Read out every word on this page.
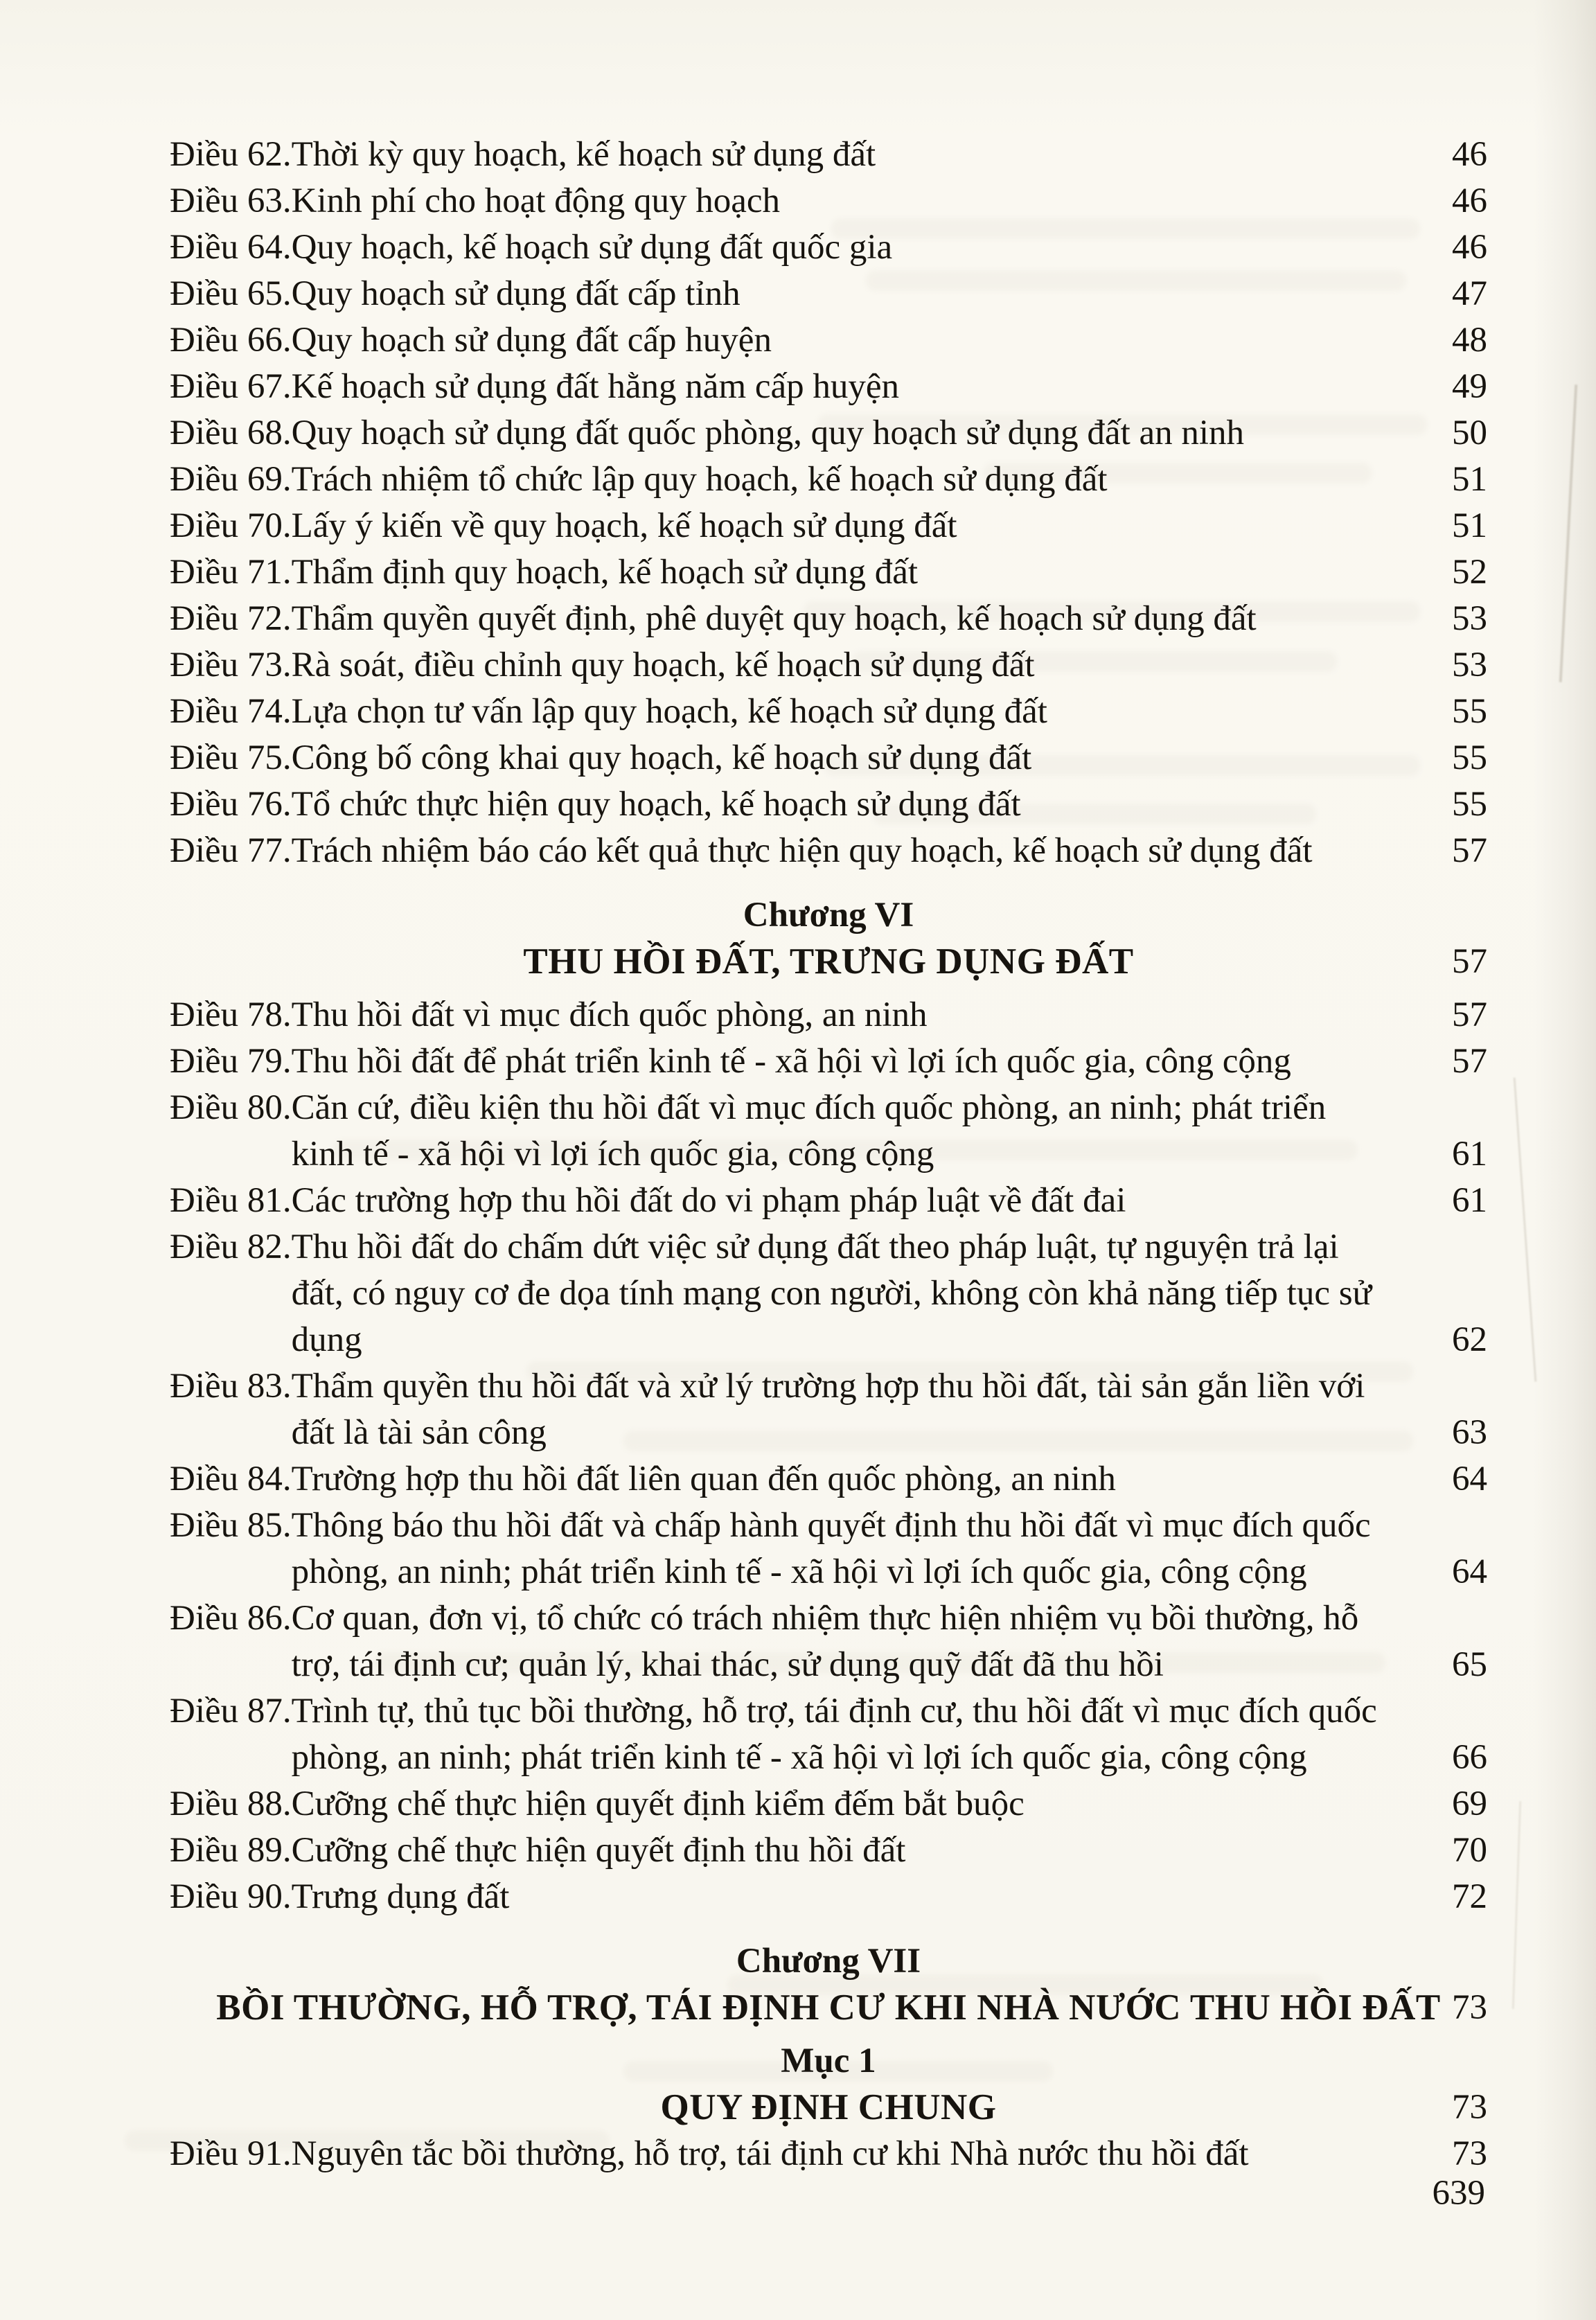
Điều 62. Thời kỳ quy hoạch, kế hoạch sử dụng đất	46
Điều 63. Kinh phí cho hoạt động quy hoạch	46
Điều 64. Quy hoạch, kế hoạch sử dụng đất quốc gia	46
Điều 65. Quy hoạch sử dụng đất cấp tỉnh	47
Điều 66. Quy hoạch sử dụng đất cấp huyện	48
Điều 67. Kế hoạch sử dụng đất hằng năm cấp huyện	49
Điều 68. Quy hoạch sử dụng đất quốc phòng, quy hoạch sử dụng đất an ninh	50
Điều 69. Trách nhiệm tổ chức lập quy hoạch, kế hoạch sử dụng đất	51
Điều 70. Lấy ý kiến về quy hoạch, kế hoạch sử dụng đất	51
Điều 71. Thẩm định quy hoạch, kế hoạch sử dụng đất	52
Điều 72. Thẩm quyền quyết định, phê duyệt quy hoạch, kế hoạch sử dụng đất	53
Điều 73. Rà soát, điều chỉnh quy hoạch, kế hoạch sử dụng đất	53
Điều 74. Lựa chọn tư vấn lập quy hoạch, kế hoạch sử dụng đất	55
Điều 75. Công bố công khai quy hoạch, kế hoạch sử dụng đất	55
Điều 76. Tổ chức thực hiện quy hoạch, kế hoạch sử dụng đất	55
Điều 77. Trách nhiệm báo cáo kết quả thực hiện quy hoạch, kế hoạch sử dụng đất	57
Chương VI
THU HỒI ĐẤT, TRƯNG DỤNG ĐẤT	57
Điều 78. Thu hồi đất vì mục đích quốc phòng, an ninh	57
Điều 79. Thu hồi đất để phát triển kinh tế - xã hội vì lợi ích quốc gia, công cộng	57
Điều 80. Căn cứ, điều kiện thu hồi đất vì mục đích quốc phòng, an ninh; phát triển kinh tế - xã hội vì lợi ích quốc gia, công cộng	61
Điều 81. Các trường hợp thu hồi đất do vi phạm pháp luật về đất đai	61
Điều 82. Thu hồi đất do chấm dứt việc sử dụng đất theo pháp luật, tự nguyện trả lại đất, có nguy cơ đe dọa tính mạng con người, không còn khả năng tiếp tục sử dụng	62
Điều 83. Thẩm quyền thu hồi đất và xử lý trường hợp thu hồi đất, tài sản gắn liền với đất là tài sản công	63
Điều 84. Trường hợp thu hồi đất liên quan đến quốc phòng, an ninh	64
Điều 85. Thông báo thu hồi đất và chấp hành quyết định thu hồi đất vì mục đích quốc phòng, an ninh; phát triển kinh tế - xã hội vì lợi ích quốc gia, công cộng	64
Điều 86. Cơ quan, đơn vị, tổ chức có trách nhiệm thực hiện nhiệm vụ bồi thường, hỗ trợ, tái định cư; quản lý, khai thác, sử dụng quỹ đất đã thu hồi	65
Điều 87. Trình tự, thủ tục bồi thường, hỗ trợ, tái định cư, thu hồi đất vì mục đích quốc phòng, an ninh; phát triển kinh tế - xã hội vì lợi ích quốc gia, công cộng	66
Điều 88. Cưỡng chế thực hiện quyết định kiểm đếm bắt buộc	69
Điều 89. Cưỡng chế thực hiện quyết định thu hồi đất	70
Điều 90. Trưng dụng đất	72
Chương VII
BỒI THƯỜNG, HỖ TRỢ, TÁI ĐỊNH CƯ KHI NHÀ NƯỚC THU HỒI ĐẤT 73
Mục 1
QUY ĐỊNH CHUNG	73
Điều 91. Nguyên tắc bồi thường, hỗ trợ, tái định cư khi Nhà nước thu hồi đất	73
639
